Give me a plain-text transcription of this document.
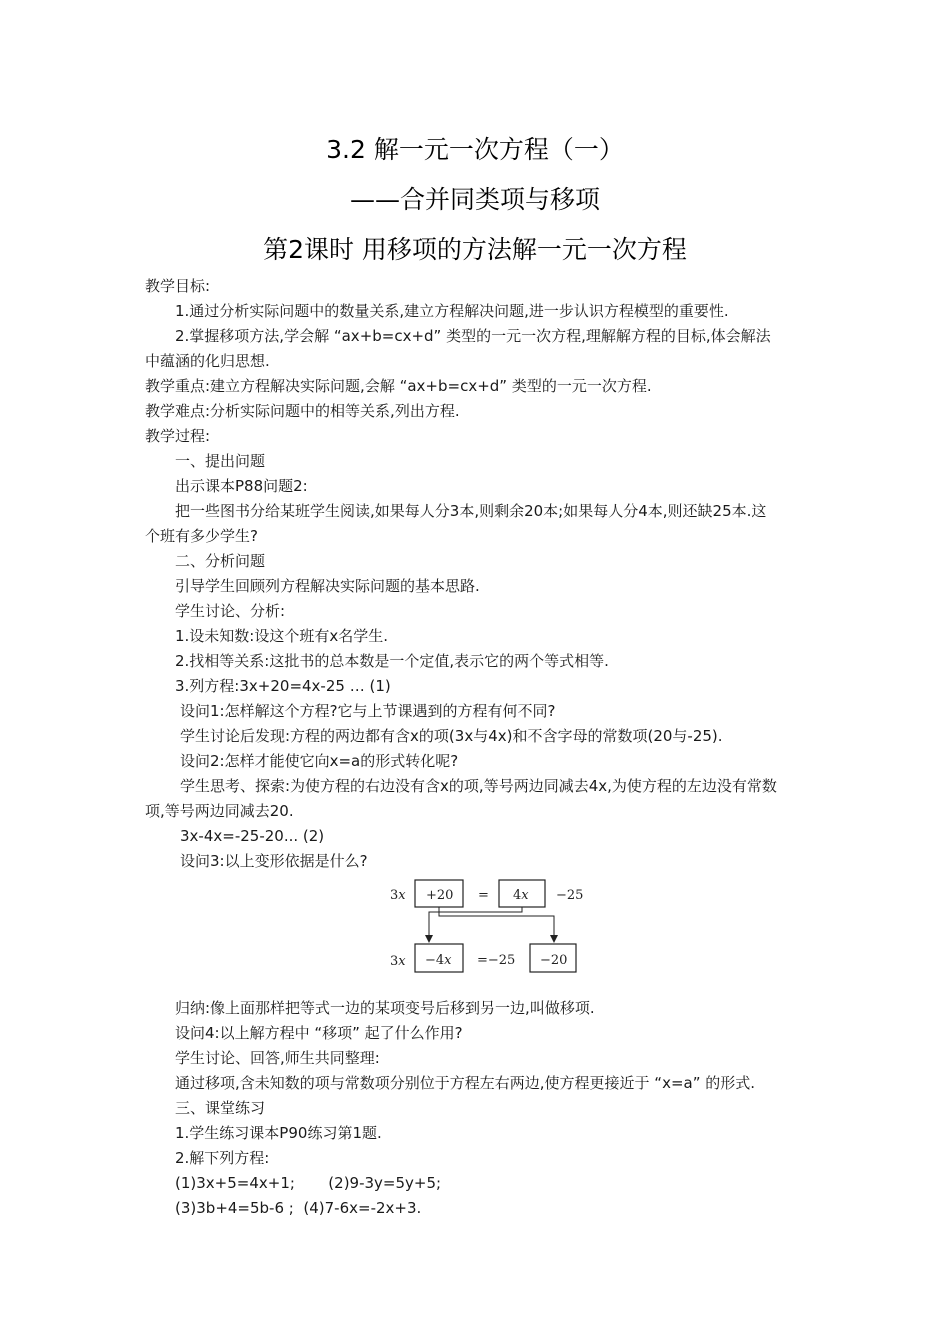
3.2 解一元一次方程（一）
——合并同类项与移项
第2课时 用移项的方法解一元一次方程
教学目标:
1.通过分析实际问题中的数量关系,建立方程解决问题,进一步认识方程模型的重要性.
2.掌握移项方法,学会解 “ax+b=cx+d” 类型的一元一次方程,理解解方程的目标,体会解法
中蕴涵的化归思想.
教学重点:建立方程解决实际问题,会解 “ax+b=cx+d” 类型的一元一次方程.
教学难点:分析实际问题中的相等关系,列出方程.
教学过程:
一、提出问题
出示课本P88问题2:
把一些图书分给某班学生阅读,如果每人分3本,则剩余20本;如果每人分4本,则还缺25本.这
个班有多少学生?
二、分析问题
引导学生回顾列方程解决实际问题的基本思路.
学生讨论、分析:
1.设未知数:设这个班有x名学生.
2.找相等关系:这批书的总本数是一个定值,表示它的两个等式相等.
3.列方程:3x+20=4x-25 … (1)
设问1:怎样解这个方程?它与上节课遇到的方程有何不同?
学生讨论后发现:方程的两边都有含x的项(3x与4x)和不含字母的常数项(20与-25).
设问2:怎样才能使它向x=a的形式转化呢?
学生思考、探索:为使方程的右边没有含x的项,等号两边同减去4x,为使方程的左边没有常数
项,等号两边同减去20.
3x-4x=-25-20... (2)
设问3:以上变形依据是什么?
3x +20 = 4x −25
3x −4x =−25 −20
归纳:像上面那样把等式一边的某项变号后移到另一边,叫做移项.
设问4:以上解方程中 “移项” 起了什么作用?
学生讨论、回答,师生共同整理:
通过移项,含未知数的项与常数项分别位于方程左右两边,使方程更接近于 “x=a” 的形式.
三、课堂练习
1.学生练习课本P90练习第1题.
2.解下列方程:
(1)3x+5=4x+1;       (2)9-3y=5y+5;
(3)3b+4=5b-6 ;  (4)7-6x=-2x+3.
